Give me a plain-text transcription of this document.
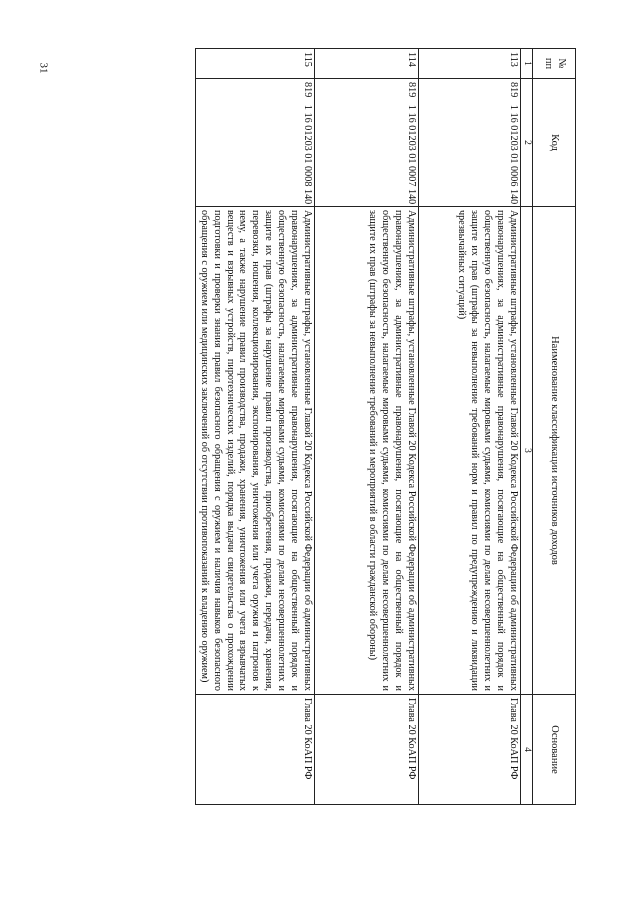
31	№ пп	Код	Наименование классификации источников доходов	Основание
1	2	3	4
113	819   1 16 01203 01 0006 140	Административные штрафы, установленные Главой 20 Кодекса Российской Федерации об административных правонарушениях, за административные правонарушения, посягающие на общественный порядок и общественную безопасность, налагаемые мировыми судьями, комиссиями по делам несовершеннолетних и защите их прав (штрафы за невыполнение требований норм и правил по предупреждению и ликвидации чрезвычайных ситуаций)	Глава 20 КоАП РФ
114	819   1 16 01203 01 0007 140	Административные штрафы, установленные Главой 20 Кодекса Российской Федерации об административных правонарушениях, за административные правонарушения, посягающие на общественный порядок и общественную безопасность, налагаемые мировыми судьями, комиссиями по делам несовершеннолетних и защите их прав (штрафы за невыполнение требований и мероприятий в области гражданской обороны)	Глава 20 КоАП РФ
115	819   1 16 01203 01 0008 140	Административные штрафы, установленные Главой 20 Кодекса Российской Федерации об административных правонарушениях, за административные правонарушения, посягающие на общественный порядок и общественную безопасность, налагаемые мировыми судьями, комиссиями по делам несовершеннолетних и защите их прав (штрафы за нарушение правил производства, приобретения, продажи, передачи, хранения, перевозки, ношения, коллекционирования, экспонирования, уничтожения или учета оружия и патронов к нему, а также нарушение правил производства, продажи, хранения, уничтожения или учета взрывчатых веществ и взрывных устройств, пиротехнических изделий, порядка выдачи свидетельства о прохождении подготовки и проверки знания правил безопасного обращения с оружием и наличия навыков безопасного обращения с оружием или медицинских заключений об отсутствии противопоказаний к владению оружием)	Глава 20 КоАП РФ
